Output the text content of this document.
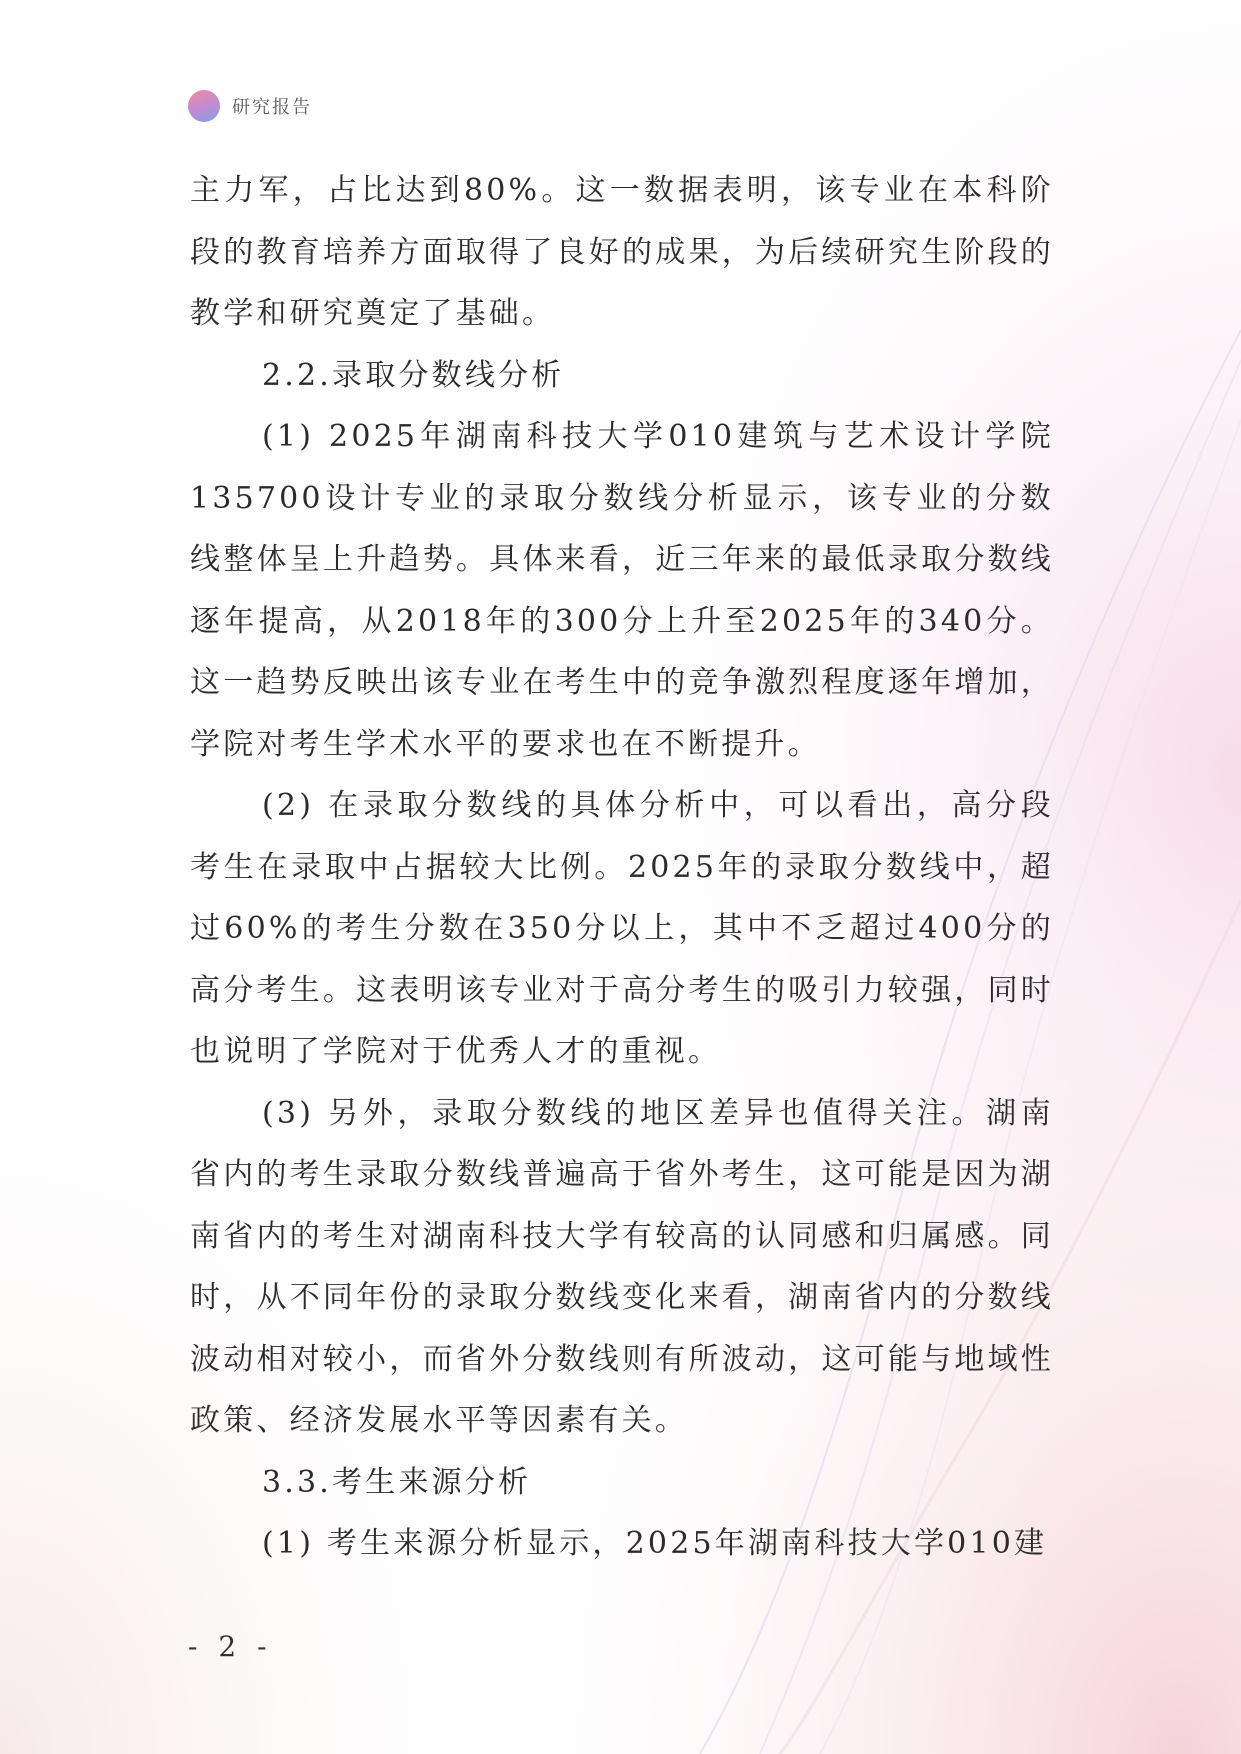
研究报告

主力军，占比达到80%。这一数据表明，该专业在本科阶段的教育培养方面取得了良好的成果，为后续研究生阶段的教学和研究奠定了基础。

2.2.录取分数线分析

(1) 2025年湖南科技大学010建筑与艺术设计学院135700设计专业的录取分数线分析显示，该专业的分数线整体呈上升趋势。具体来看，近三年来的最低录取分数线逐年提高，从2018年的300分上升至2025年的340分。这一趋势反映出该专业在考生中的竞争激烈程度逐年增加，学院对考生学术水平的要求也在不断提升。

(2) 在录取分数线的具体分析中，可以看出，高分段考生在录取中占据较大比例。2025年的录取分数线中，超过60%的考生分数在350分以上，其中不乏超过400分的高分考生。这表明该专业对于高分考生的吸引力较强，同时也说明了学院对于优秀人才的重视。

(3) 另外，录取分数线的地区差异也值得关注。湖南省内的考生录取分数线普遍高于省外考生，这可能是因为湖南省内的考生对湖南科技大学有较高的认同感和归属感。同时，从不同年份的录取分数线变化来看，湖南省内的分数线波动相对较小，而省外分数线则有所波动，这可能与地域性政策、经济发展水平等因素有关。

3.3.考生来源分析

(1) 考生来源分析显示，2025年湖南科技大学010建

- 2 -
